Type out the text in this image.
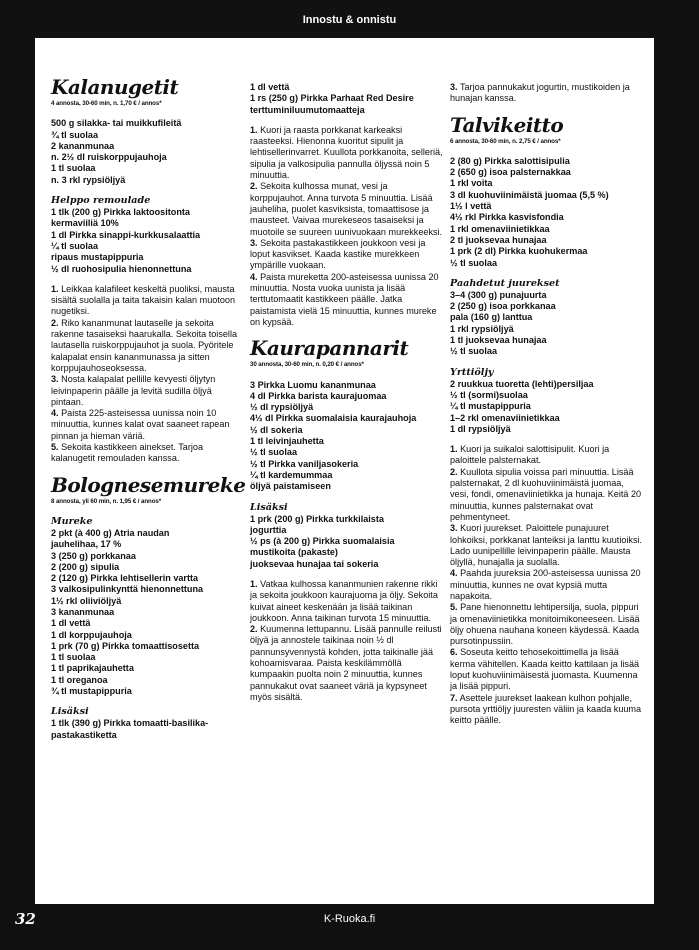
Innostu & onnistu
Kalanugetit
4 annosta, 30-60 min, n. 1,70 € / annos*
500 g silakka- tai muikkufileitä
¾ tl suolaa
2 kananmunaa
n. 2½ dl ruiskorppujauhoja
1 tl suolaa
n. 3 rkl rypsiöljyä
Helppo remoulade
1 tlk (200 g) Pirkka laktoositonta
kermaviiliä 10%
1 dl Pirkka sinappi-kurkkusalaattia
¼ tl suolaa
ripaus mustapippuria
½ dl ruohosipulia hienonnettuna

1. Leikkaa kalafileet keskeltä puoliksi, mausta sisältä suolalla ja taita takaisin kalan muotoon nugetiksi.

2. Riko kananmunat lautaselle ja sekoita rakenne tasaiseksi haarukalla. Sekoita toisella lautasella ruiskorppujauhot ja suola. Pyöritele kalapalat ensin kananmunassa ja sitten korppujauhoseoksessa.

3. Nosta kalapalat pellille kevyesti öljytyn leivinpaperin päälle ja levitä sudilla öljyä pintaan.

4. Paista 225-asteisessa uunissa noin 10 minuuttia, kunnes kalat ovat saaneet rapean pinnan ja hieman väriä.

5. Sekoita kastikkeen ainekset. Tarjoa kalanugetit remouladen kanssa.

Bolognesemureke
8 annosta, yli 60 min, n. 1,95 € / annos*
Mureke
2 pkt (à 400 g) Atria naudan
jauhelihaa, 17 %
3 (250 g) porkkanaa
2 (200 g) sipulia
2 (120 g) Pirkka lehtisellerin vartta
3 valkosipulinkynttä hienonnettuna
1½ rkl oliiviöljyä
3 kananmunaa
1 dl vettä
1 dl korppujauhoja
1 prk (70 g) Pirkka tomaattisosetta
1 tl suolaa
1 tl paprikajauhetta
1 tl oreganoa
¾ tl mustapippuria
Lisäksi
1 tlk (390 g) Pirkka tomaatti-basilika-
pastakastiketta
1 dl vettä
1 rs (250 g) Pirkka Parhaat Red Desire
terttuminiluumutomaatteja

1. Kuori ja raasta porkkanat karkeaksi raasteeksi. Hienonna kuoritut sipulit ja lehtisellerinvarret. Kuullota porkkanoita, selleriä, sipulia ja valkosipulia pannulla öljyssä noin 5 minuuttia.

2. Sekoita kulhossa munat, vesi ja korppujauhot. Anna turvota 5 minuuttia. Lisää jauheliha, puolet kasviksista, tomaattisose ja mausteet. Vaivaa murekeseos tasaiseksi ja muotoile se suureen uunivuokaan murekkeeksi.

3. Sekoita pastakastikkeen joukkoon vesi ja loput kasvikset. Kaada kastike murekkeen ympärille vuokaan.

4. Paista mureketta 200-asteisessa uunissa 20 minuuttia. Nosta vuoka uunista ja lisää terttutomaatit kastikkeen päälle. Jatka paistamista vielä 15 minuuttia, kunnes mureke on kypsää.

Kaurapannarit
30 annosta, 30-60 min, n. 0,20 € / annos*
3 Pirkka Luomu kananmunaa
4 dl Pirkka barista kaurajuomaa
½ dl rypsiöljyä
4½ dl Pirkka suomalaisia kaurajauhoja
½ dl sokeria
1 tl leivinjauhetta
½ tl suolaa
½ tl Pirkka vaniljasokeria
¼ tl kardemummaa
öljyä paistamiseen
Lisäksi
1 prk (200 g) Pirkka turkkilaista
jogurttia
½ ps (à 200 g) Pirkka suomalaisia
mustikoita (pakaste)
juoksevaa hunajaa tai sokeria

1. Vatkaa kulhossa kananmunien rakenne rikki ja sekoita joukkoon kaurajuoma ja öljy. Sekoita kuivat aineet keskenään ja lisää taikinan joukkoon. Anna taikinan turvota 15 minuuttia.

2. Kuumenna lettupannu. Lisää pannulle reilusti öljyä ja annostele taikinaa noin ½ dl pannunsyvennystä kohden, jotta taikinalle jää kohoamisvaraa. Paista keskilämmöllä kumpaakin puolta noin 2 minuuttia, kunnes pannukakut ovat saaneet väriä ja kypsyneet myös sisältä.

3. Tarjoa pannukakut jogurtin, mustikoiden ja hunajan kanssa.

Talvikeitto
6 annosta, 30-60 min, n. 2,75 € / annos*
2 (80 g) Pirkka salottisipulia
2 (650 g) isoa palsternakkaa
1 rkl voita
3 dl kuohuviinimäistä juomaa (5,5 %)
1½ l vettä
4½ rkl Pirkka kasvisfondia
1 rkl omenaviinietikkaa
2 tl juoksevaa hunajaa
1 prk (2 dl) Pirkka kuohukermaa
½ tl suolaa
Paahdetut juurekset
3–4 (300 g) punajuurta
2 (250 g) isoa porkkanaa
pala (160 g) lanttua
1 rkl rypsiöljyä
1 tl juoksevaa hunajaa
½ tl suolaa
Yrttiöljy
2 ruukkua tuoretta (lehti)persiljaa
½ tl (sormi)suolaa
¼ tl mustapippuria
1–2 rkl omenaviinietikkaa
1 dl rypsiöljyä

1. Kuori ja suikaloi salottisipulit. Kuori ja paloittele palsternakat.

2. Kuullota sipulia voissa pari minuuttia. Lisää palsternakat, 2 dl kuohuviinimäistä juomaa, vesi, fondi, omenaviinietikka ja hunaja. Keitä 20 minuuttia, kunnes palsternakat ovat pehmentyneet.

3. Kuori juurekset. Paloittele punajuuret lohkoiksi, porkkanat lanteiksi ja lanttu kuutioiksi. Lado uunipellille leivinpaperin päälle. Mausta öljyllä, hunajalla ja suolalla.

4. Paahda juureksia 200-asteisessa uunissa 20 minuuttia, kunnes ne ovat kypsiä mutta napakoita.

5. Pane hienonnettu lehtipersilja, suola, pippuri ja omenaviinietikka monitoimikoneeseen. Lisää öljy ohuena nauhana koneen käydessä. Kaada pursotinpussiin.

6. Soseuta keitto tehosekoittimella ja lisää kerma vähitellen. Kaada keitto kattilaan ja lisää loput kuohuviinimäisestä juomasta. Kuumenna ja lisää pippuri.

7. Asettele juurekset laakean kulhon pohjalle, pursota yrttiöljy juuresten väliin ja kaada kuuma keitto päälle.

32	K-Ruoka.fi
